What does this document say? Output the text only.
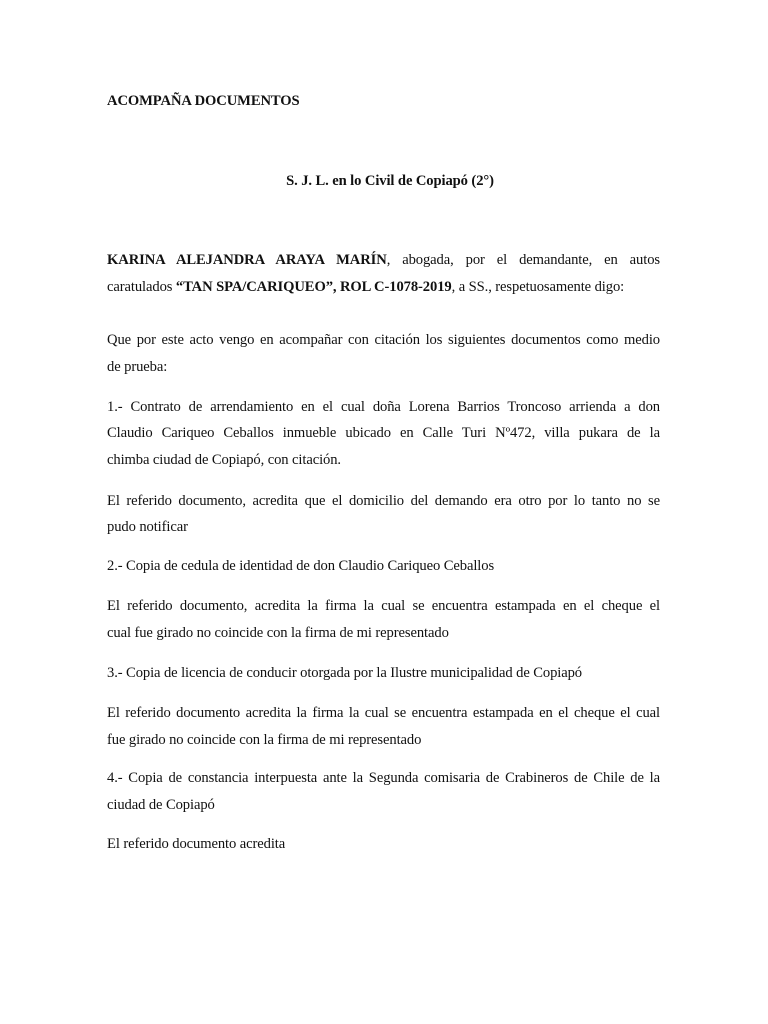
ACOMPAÑA DOCUMENTOS
S. J. L. en lo Civil de Copiapó (2°)
KARINA ALEJANDRA ARAYA MARÍN, abogada, por el demandante, en autos
caratulados “TAN SPA/CARIQUEO”, ROL C-1078-2019, a SS., respetuosamente digo:
Que por este acto vengo en acompañar con citación los siguientes documentos como medio
de prueba:
1.- Contrato de arrendamiento en el cual doña Lorena Barrios Troncoso arrienda a don
Claudio Cariqueo Ceballos inmueble ubicado en Calle Turi Nº472, villa pukara de la
chimba ciudad de Copiapó, con citación.
El referido documento, acredita que el domicilio del demando era otro por lo tanto no se
pudo notificar
2.- Copia de cedula de identidad de don Claudio Cariqueo Ceballos
El referido documento, acredita la firma la cual se encuentra estampada en el cheque el
cual fue girado no coincide con la firma de mi representado
3.- Copia de licencia de conducir otorgada por la Ilustre municipalidad de Copiapó
El referido documento acredita la firma la cual se encuentra estampada en el cheque el cual
fue girado no coincide con la firma de mi representado
4.- Copia de constancia interpuesta ante la Segunda comisaria de Crabineros de Chile de la
ciudad de Copiapó
El referido documento acredita
